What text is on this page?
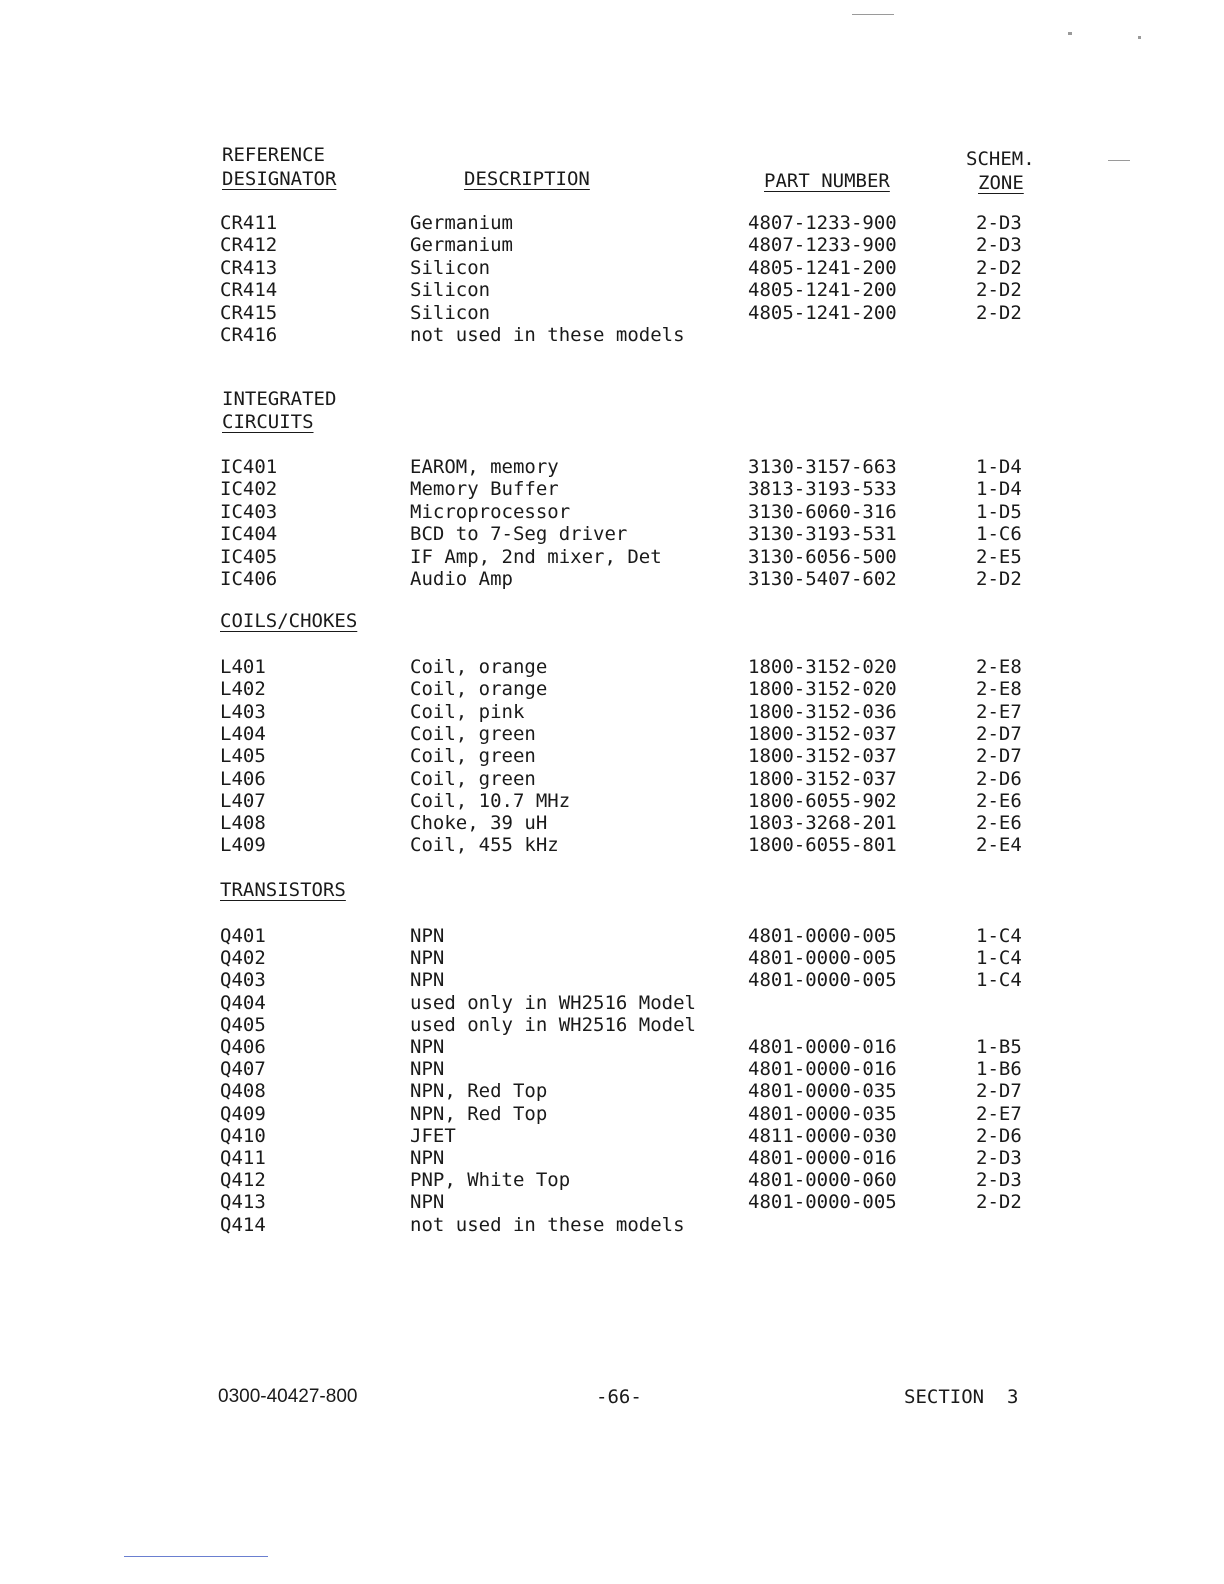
REFERENCE
DESIGNATOR	DESCRIPTION	PART NUMBER
SCHEM.
ZONE
CR411	Germanium	4807-1233-900	2-D3
CR412	Germanium	4807-1233-900	2-D3
CR413	Silicon	4805-1241-200	2-D2
CR414	Silicon	4805-1241-200	2-D2
CR415	Silicon	4805-1241-200	2-D2
CR416	not used in these models
INTEGRATED
CIRCUITS
IC401	EAROM, memory	3130-3157-663	1-D4
IC402	Memory Buffer	3813-3193-533	1-D4
IC403	Microprocessor	3130-6060-316	1-D5
IC404	BCD to 7-Seg driver	3130-3193-531	1-C6
IC405	IF Amp, 2nd mixer, Det	3130-6056-500	2-E5
IC406	Audio Amp	3130-5407-602	2-D2
COILS/CHOKES
L401	Coil, orange	1800-3152-020	2-E8
L402	Coil, orange	1800-3152-020	2-E8
L403	Coil, pink	1800-3152-036	2-E7
L404	Coil, green	1800-3152-037	2-D7
L405	Coil, green	1800-3152-037	2-D7
L406	Coil, green	1800-3152-037	2-D6
L407	Coil, 10.7 MHz	1800-6055-902	2-E6
L408	Choke, 39 uH	1803-3268-201	2-E6
L409	Coil, 455 kHz	1800-6055-801	2-E4
TRANSISTORS
Q401	NPN	4801-0000-005	1-C4
Q402	NPN	4801-0000-005	1-C4
Q403	NPN	4801-0000-005	1-C4
Q404	used only in WH2516 Model
Q405	used only in WH2516 Model
Q406	NPN	4801-0000-016	1-B5
Q407	NPN	4801-0000-016	1-B6
Q408	NPN, Red Top	4801-0000-035	2-D7
Q409	NPN, Red Top	4801-0000-035	2-E7
Q410	JFET	4811-0000-030	2-D6
Q411	NPN	4801-0000-016	2-D3
Q412	PNP, White Top	4801-0000-060	2-D3
Q413	NPN	4801-0000-005	2-D2
Q414	not used in these models
0300-40427-800	-66-	SECTION  3
